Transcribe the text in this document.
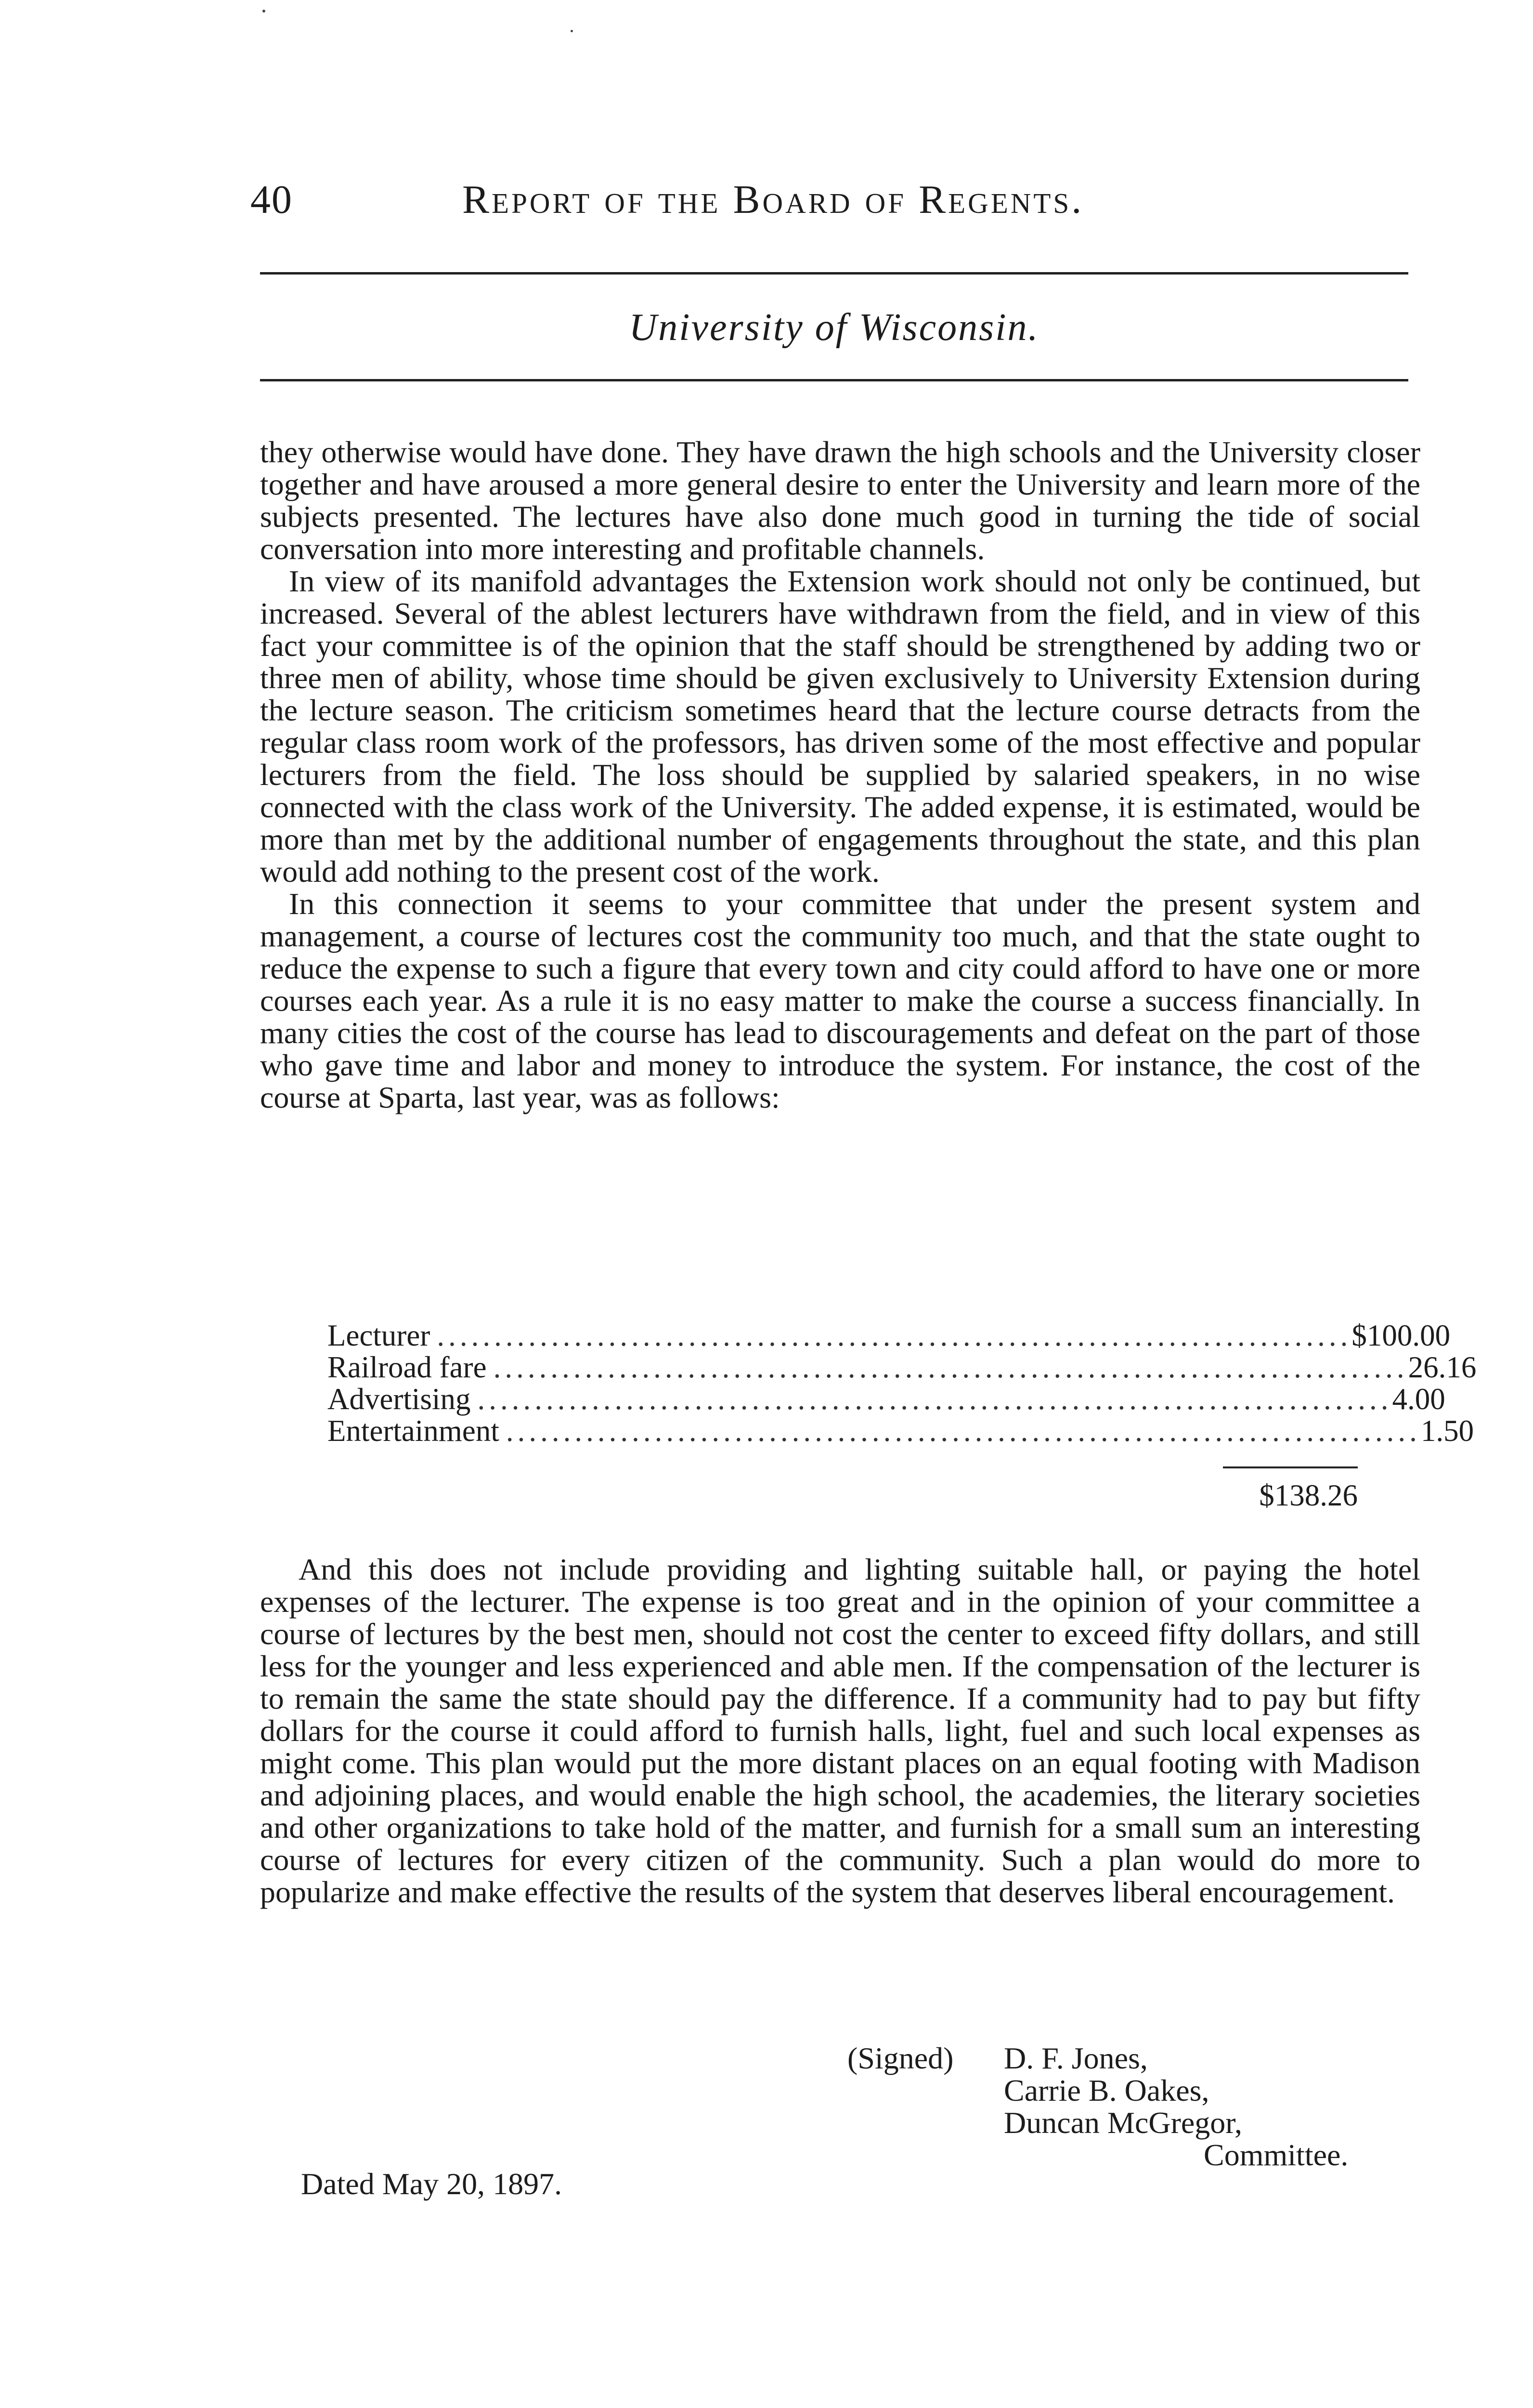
40	Report of the Board of Regents.
University of Wisconsin.

they otherwise would have done. They have drawn the high schools and the University closer together and have aroused a more general desire to enter the University and learn more of the subjects presented. The lectures have also done much good in turning the tide of social conversation into more interesting and profitable channels.

In view of its manifold advantages the Extension work should not only be continued, but increased. Several of the ablest lecturers have withdrawn from the field, and in view of this fact your committee is of the opinion that the staff should be strengthened by adding two or three men of ability, whose time should be given exclusively to University Extension during the lecture season. The criticism sometimes heard that the lecture course detracts from the regular class room work of the professors, has driven some of the most effective and popular lecturers from the field. The loss should be supplied by salaried speakers, in no wise connected with the class work of the University. The added expense, it is estimated, would be more than met by the additional number of engagements throughout the state, and this plan would add nothing to the present cost of the work.

In this connection it seems to your committee that under the present system and management, a course of lectures cost the community too much, and that the state ought to reduce the expense to such a figure that every town and city could afford to have one or more courses each year. As a rule it is no easy matter to make the course a success financially. In many cities the cost of the course has lead to discouragements and defeat on the part of those who gave time and labor and money to introduce the system. For instance, the cost of the course at Sparta, last year, was as follows:

Lecturer ................................................................................ $100.00
Railroad fare ................................................................................ 26.16
Advertising ................................................................................ 4.00
Entertainment ................................................................................ 1.50
$138.26

And this does not include providing and lighting suitable hall, or paying the hotel expenses of the lecturer. The expense is too great and in the opinion of your committee a course of lectures by the best men, should not cost the center to exceed fifty dollars, and still less for the younger and less experienced and able men. If the compensation of the lecturer is to remain the same the state should pay the difference. If a community had to pay but fifty dollars for the course it could afford to furnish halls, light, fuel and such local expenses as might come. This plan would put the more distant places on an equal footing with Madison and adjoining places, and would enable the high school, the academies, the literary societies and other organizations to take hold of the matter, and furnish for a small sum an interesting course of lectures for every citizen of the community. Such a plan would do more to popularize and make effective the results of the system that deserves liberal encouragement.

(Signed) D. F. Jones,
Carrie B. Oakes,
Duncan McGregor,
Committee.
Dated May 20, 1897.
